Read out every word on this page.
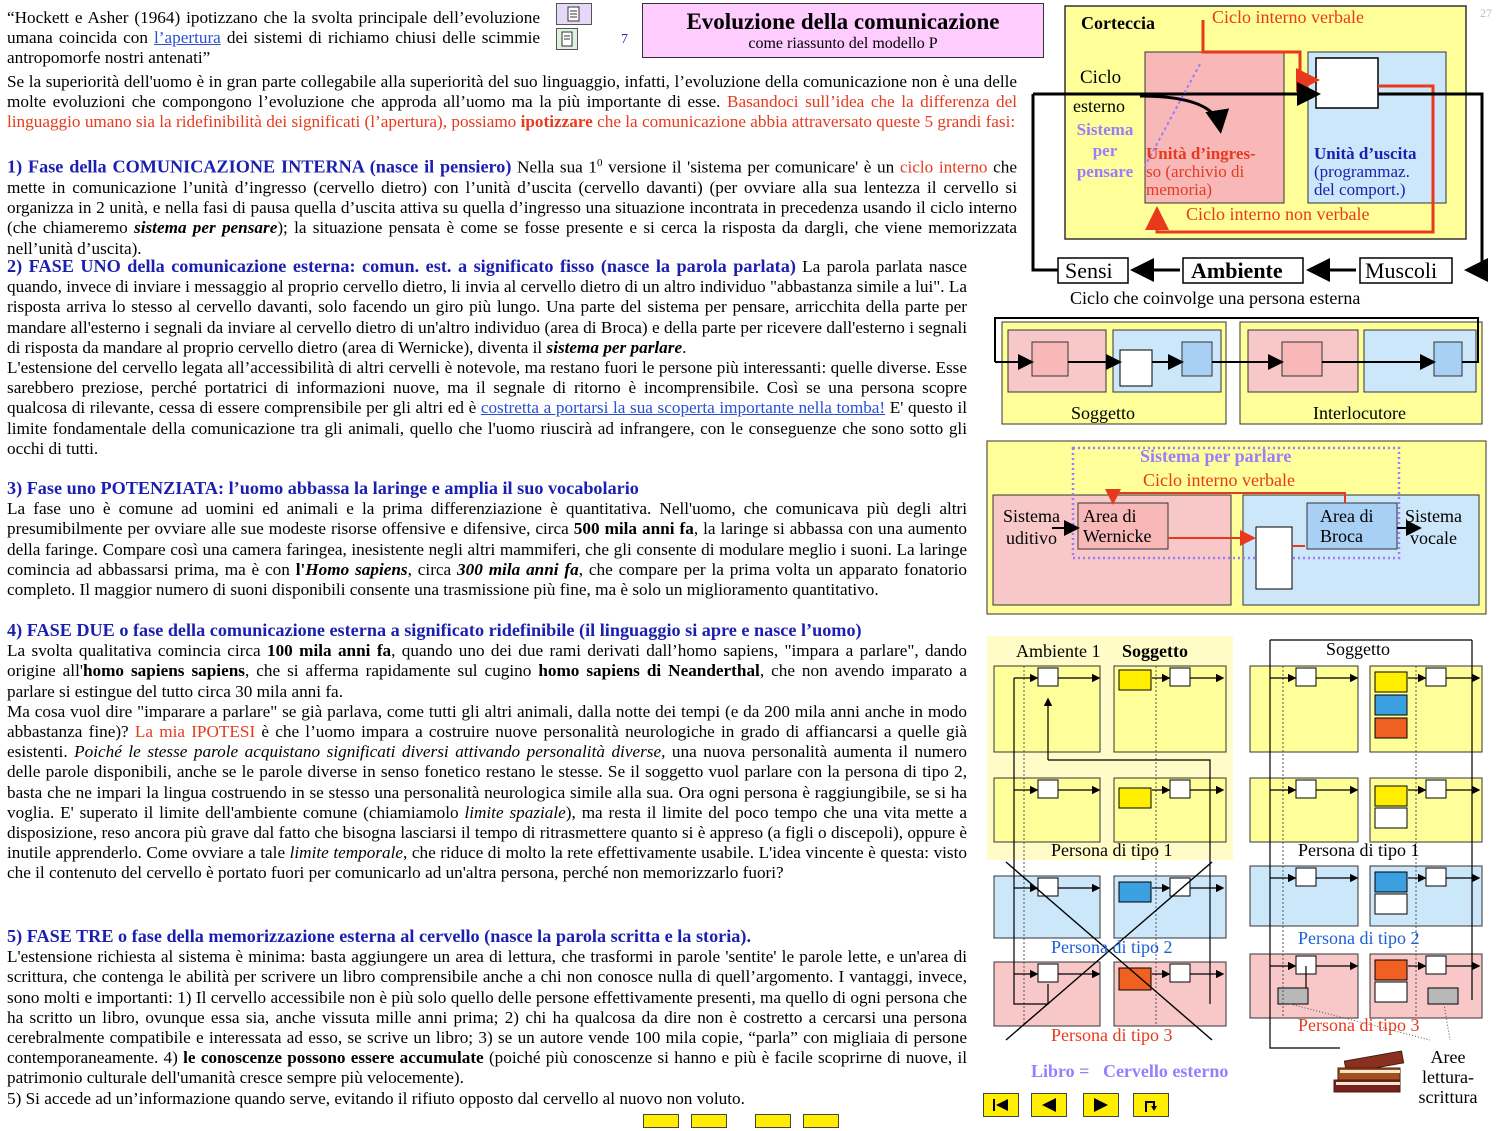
“Hockett e Asher (1964) ipotizzano che la svolta principale dell’evoluzione umana coincida con l’apertura dei sistemi di richiamo chiusi delle scimmie antropomorfe nostri antenati”
7
Evoluzione della comunicazione
come riassunto del modello P
27
Se la superiorità dell'uomo è in gran parte collegabile alla superiorità del suo linguaggio, infatti, l’evoluzione della comunicazione non è una delle molte evoluzioni che compongono l’evoluzione che approda all’uomo ma la più importante di esse. Basandoci sull’idea che la differenza del linguaggio umano sia la ridefinibilità dei significati (l’apertura), possiamo ipotizzare che la comunicazione abbia attraversato queste 5 grandi fasi:
1) Fase della COMUNICAZIONE INTERNA (nasce il pensiero) Nella sua $1^0$ versione il 'sistema per comunicare' è un ciclo interno che mette in comunicazione l’unità d’ingresso (cervello dietro) con l’unità d’uscita (cervello davanti) (per ovviare alla sua lentezza il cervello si organizza in 2 unità, e nella fasi di pausa quella d’uscita attiva su quella d’ingresso una situazione incontrata in precedenza usando il ciclo interno (che chiameremo sistema per pensare); la situazione pensata è come se fosse presente e si cerca la risposta da dargli, che viene memorizzata nell’unità d’uscita).

2) FASE UNO della comunicazione esterna: comun. est. a significato fisso (nasce la parola parlata) La parola parlata nasce quando, invece di inviare i messaggio al proprio cervello dietro, li invia al cervello dietro di un altro individuo "abbastanza simile a lui". La risposta arriva lo stesso al cervello davanti, solo facendo un giro più lungo. Una parte del sistema per pensare, arricchita della parte per mandare all'esterno i segnali da inviare al cervello dietro di un'altro individuo (area di Broca) e della parte per ricevere dall'esterno i segnali di risposta da mandare al proprio cervello dietro (area di Wernicke), diventa il sistema per parlare.

L'estensione del cervello legata all’accessibilità di altri cervelli è notevole, ma restano fuori le persone più interessanti: quelle diverse. Esse sarebbero preziose, perché portatrici di informazioni nuove, ma il segnale di ritorno è incomprensibile. Così se una persona scopre qualcosa di rilevante, cessa di essere comprensibile per gli altri ed è costretta a portarsi la sua scoperta importante nella tomba! E' questo il limite fondamentale della comunicazione tra gli animali, quello che l'uomo riuscirà ad infrangere, con le conseguenze che sono sotto gli occhi di tutti.

3) Fase uno POTENZIATA: l’uomo abbassa la laringe e amplia il suo vocabolario

La fase uno è comune ad uomini ed animali e la prima differenziazione è quantitativa. Nell'uomo, che comunicava più degli altri presumibilmente per ovviare alle sue modeste risorse offensive e difensive, circa 500 mila anni fa, la laringe si abbassa con una aumento della faringe. Compare così una camera faringea, inesistente negli altri mammiferi, che gli consente di modulare meglio i suoni. La laringe comincia ad abbassarsi prima, ma è con l'Homo sapiens, circa 300 mila anni fa, che compare per la prima volta un apparato fonatorio completo. Il maggior numero di suoni disponibili consente una trasmissione più fine, ma è solo un miglioramento quantitativo.

4) FASE DUE o fase della comunicazione esterna a significato ridefinibile (il linguaggio si apre e nasce l’uomo)

La svolta qualitativa comincia circa 100 mila anni fa, quando uno dei due rami derivati dall’homo sapiens, "impara a parlare", dando origine all'homo sapiens sapiens, che si afferma rapidamente sul cugino homo sapiens di Neanderthal, che non avendo imparato a parlare si estingue del tutto circa 30 mila anni fa.

Ma cosa vuol dire "imparare a parlare" se già parlava, come tutti gli altri animali, dalla notte dei tempi (e da 200 mila anni anche in modo abbastanza fine)? La mia IPOTESI è che l’uomo impara a costruire nuove personalità neurologiche in grado di affiancarsi a quelle già esistenti. Poiché le stesse parole acquistano significati diversi attivando personalità diverse, una nuova personalità aumenta il numero delle parole disponibili, anche se le parole diverse in senso fonetico restano le stesse. Se il soggetto vuol parlare con la persona di tipo 2, basta che ne impari la lingua costruendo in se stesso una personalità neurologica simile alla sua. Ora ogni persona è raggiungibile, se si ha voglia. E' superato il limite dell'ambiente comune (chiamiamolo limite spaziale), ma resta il limite del poco tempo che una vita mette a disposizione, reso ancora più grave dal fatto che bisogna lasciarsi il tempo di ritrasmettere quanto si è appreso (a figli o discepoli), oppure è inutile apprenderlo. Come ovviare a tale limite temporale, che riduce di molto la rete effettivamente usabile. L'idea vincente è questa: visto che il contenuto del cervello è portato fuori per comunicarlo ad un'altra persona, perché non memorizzarlo fuori?

5) FASE TRE o fase della memorizzazione esterna al cervello (nasce la parola scritta e la storia).

L'estensione richiesta al sistema è minima: basta aggiungere un area di lettura, che trasformi in parole 'sentite' le parole lette, e un'area di scrittura, che contenga le abilità per scrivere un libro comprensibile anche a chi non conosce nulla di quell’argomento. I vantaggi, invece, sono molti e importanti: 1) Il cervello accessibile non è più solo quello delle persone effettivamente presenti, ma quello di ogni persona che ha scritto un libro, ovunque essa sia, anche vissuta mille anni prima; 2) chi ha qualcosa da dire non è costretto a cercarsi una persona cerebralmente compatibile e interessata ad esso, se scrive un libro; 3) se un autore vende 100 mila copie, “parla” con migliaia di persone contemporaneamente. 4) le conoscenze possono essere accumulate (poiché più conoscenze si hanno e più è facile scoprirne di nuove, il patrimonio culturale dell'umanità cresce sempre più velocemente).

5) Si accede ad un’informazione quando serve, evitando il rifiuto opposto dal cervello al nuovo non voluto.

Corteccia	Ciclo interno verbale
Ciclo
esterno
Sistema
per
pensare
Unità d’ingres-
so (archivio di
memoria)
Unità d’uscita
(programmaz.
del comport.)
Ciclo interno non verbale
Sensi	Ambiente	Muscoli
Ciclo che coinvolge una persona esterna
Soggetto	Interlocutore
Sistema per parlare
Ciclo interno verbale
Sistema
uditivo
Area di
Wernicke
Area di
Broca
Sistema
vocale
Ambiente 1 Soggetto	Soggetto
Persona di tipo 1	Persona di tipo 1
Persona di tipo 2	Persona di tipo 2
Persona di tipo 3	Persona di tipo 3
Libro =   Cervello esterno
Aree
lettura-
scrittura
